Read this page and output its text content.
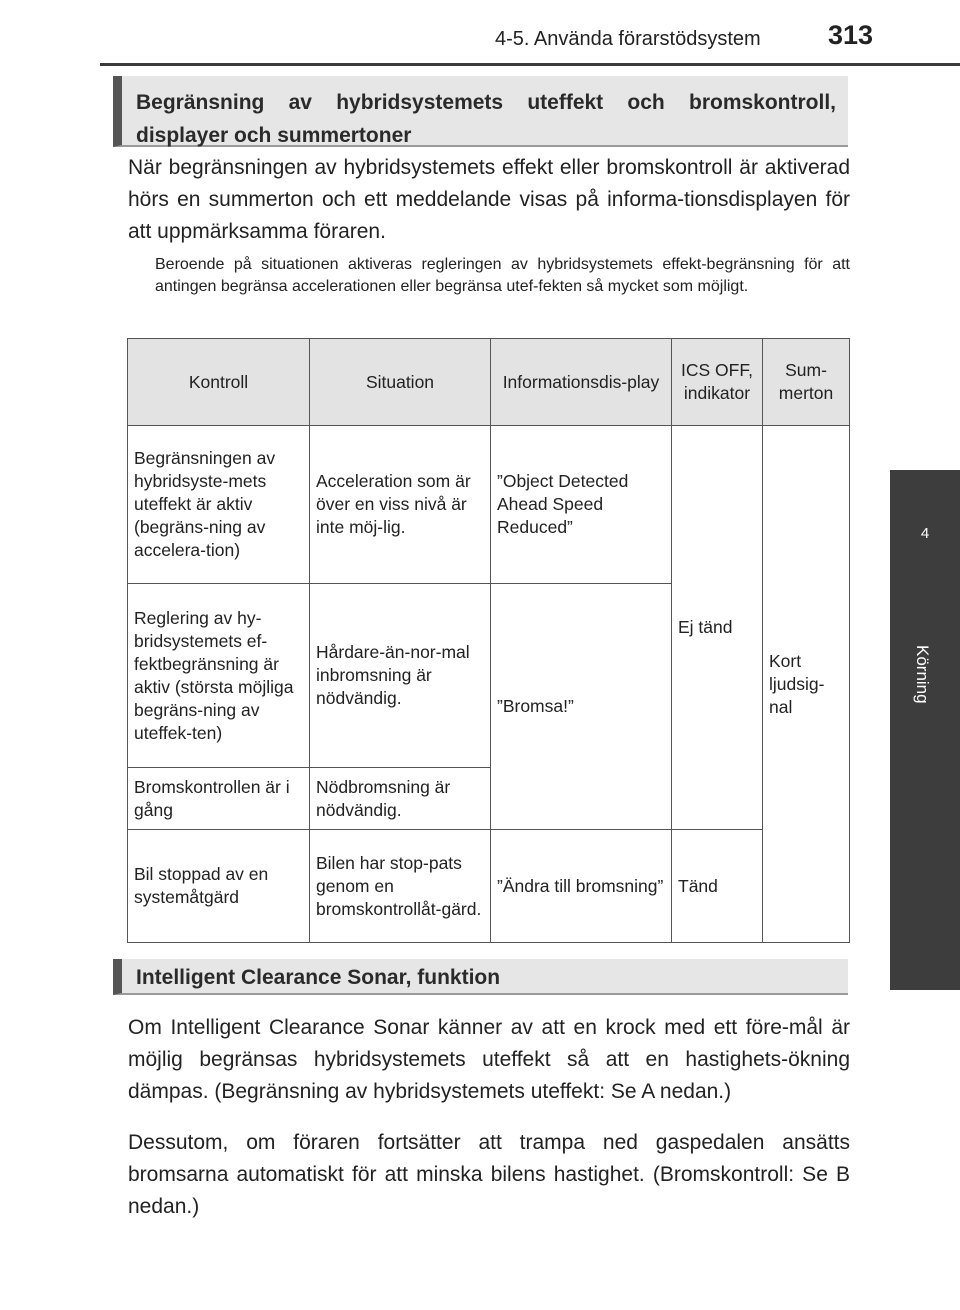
4-5. Använda förarstödsystem 313
4
Körning
Begränsning av hybridsystemets uteffekt och bromskontroll, displayer och summertoner

När begränsningen av hybridsystemets effekt eller bromskontroll är aktiverad hörs en summerton och ett meddelande visas på informa-tionsdisplayen för att uppmärksamma föraren.

Beroende på situationen aktiveras regleringen av hybridsystemets effekt-begränsning för att antingen begränsa accelerationen eller begränsa utef-fekten så mycket som möjligt.

Kontroll	Situation	Informationsdis-play	ICS OFF, indikator	Sum-merton
Begränsningen av hybridsyste-mets uteffekt är aktiv (begräns-ning av accelera-tion)	Acceleration som är över en viss nivå är inte möj-lig.	”Object Detected Ahead Speed Reduced”	Ej tänd	Kort ljudsig-nal
Reglering av hy-bridsystemets ef-fektbegränsning är aktiv (största möjliga begräns-ning av uteffek-ten)	Hårdare-än-nor-mal inbromsning är nödvändig.	”Bromsa!”		
Bromskontrollen är i gång	Nödbromsning är nödvändig.			
Bil stoppad av en systemåtgärd	Bilen har stop-pats genom en bromskontrollåt-gärd.	”Ändra till bromsning”	Tänd	
Intelligent Clearance Sonar, funktion

Om Intelligent Clearance Sonar känner av att en krock med ett före-mål är möjlig begränsas hybridsystemets uteffekt så att en hastighets-ökning dämpas. (Begränsning av hybridsystemets uteffekt: Se A nedan.)

Dessutom, om föraren fortsätter att trampa ned gaspedalen ansätts bromsarna automatiskt för att minska bilens hastighet. (Bromskontroll: Se B nedan.)
